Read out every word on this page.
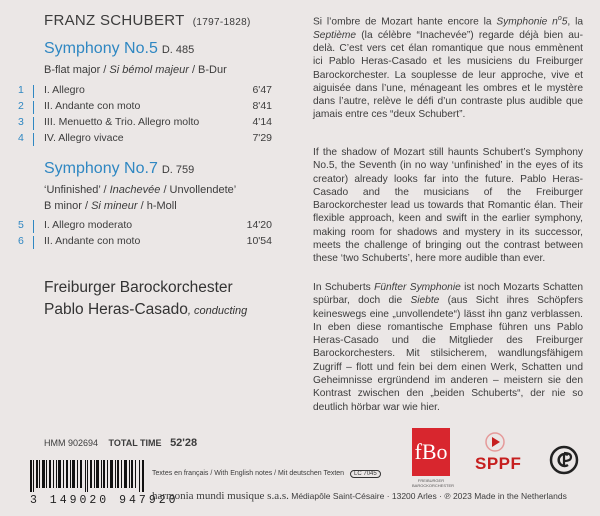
FRANZ SCHUBERT (1797-1828)
Symphony No.5 D. 485
B-flat major / Si bémol majeur / B-Dur
1	I. Allegro	6'47
2	II. Andante con moto	8'41
3	III. Menuetto & Trio. Allegro molto	4'14
4	IV. Allegro vivace	7'29
Symphony No.7 D. 759
‘Unfinished’ / Inachevée / Unvollendete’
B minor / Si mineur / h-Moll
5	I. Allegro moderato	14'20
6	II. Andante con moto	10'54
Freiburger Barockorchester
Pablo Heras-Casado, conducting

Si l’ombre de Mozart hante encore la Symphonie $n^o5$, la Septième (la célèbre “Inachevée”) regarde déjà bien au-delà. C’est vers cet élan romantique que nous emmènent ici Pablo Heras-Casado et les musiciens du Freiburger Barockorchester. La souplesse de leur approche, vive et aiguisée dans l’une, ménageant les ombres et le mystère dans l’autre, relève le défi d’un contraste plus audible que jamais entre ces “deux Schubert”.

If the shadow of Mozart still haunts Schubert’s Symphony No.5, the Seventh (in no way ‘unfinished’ in the eyes of its creator) already looks far into the future. Pablo Heras-Casado and the musicians of the Freiburger Barockorchester lead us towards that Romantic élan. Their flexible approach, keen and swift in the earlier symphony, making room for shadows and mystery in its successor, meets the challenge of bringing out the contrast between these ‘two Schuberts’, here more audible than ever.

In Schuberts Fünfter Symphonie ist noch Mozarts Schatten spürbar, doch die Siebte (aus Sicht ihres Schöpfers keineswegs eine „unvollendete“) lässt ihn ganz verblassen. In eben diese romantische Emphase führen uns Pablo Heras-Casado und die Mitglieder des Freiburger Barockorchesters. Mit stilsicherem, wandlungsfähigem Zugriff – flott und fein bei dem einen Werk, Schatten und Geheimnisse ergründend im anderen – meistern sie den Kontrast zwischen den „beiden Schuberts“, der nie so deutlich hörbar war wie hier.

HMM 902694 TOTAL TIME 52'28
3 149020 947920
Textes en français / With English notes / Mit deutschen Texten LC 7045
harmonia mundi musique s.a.s. Médiapôle Saint-Césaire · 13200 Arles · ℗ 2023 Made in the Netherlands
fBo
FREIBURGER BAROCKORCHESTER
SPPF
